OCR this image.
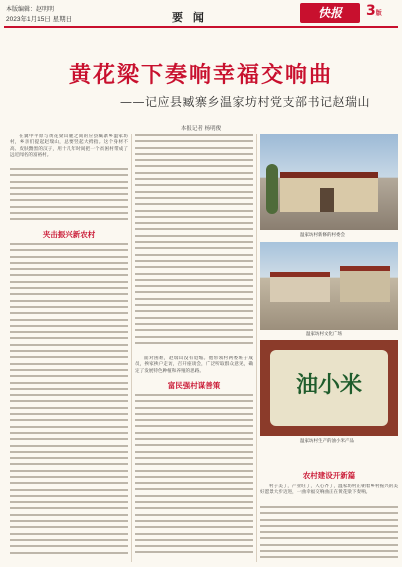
本版编辑：赵明明
2023年1月15日 星期日	要 闻	快报	3版
黄花梁下奏响幸福交响曲
——记应县臧寨乡温家坊村党支部书记赵瑞山
本报记者 杨明俊

在冀中平原与黄花梁山麓之间的应县臧寨乡温家坊村，乡亲们提起赵瑞山，总要竖起大拇指。这个身材不高、皮肤黝黑的汉子，用十几年时间把一个贫困村带成了远近闻名的富裕村。

夹击振兴新农村

面对困难，赵瑞山没有退缩。他带领村两委班子成员，挨家挨户走访，召开座谈会，广泛听取群众意见，确定了发展特色种植和养殖的思路。

富民强村谋善策
温家坊村新修的村委会
温家坊村文化广场
油小米
温家坊村生产的油小米产品
农村建设开新篇

村子美了，产业旺了，人心齐了，温家坊村正朝着乡村振兴的美好愿景大步迈进，一曲幸福交响曲正在黄花梁下奏响。
